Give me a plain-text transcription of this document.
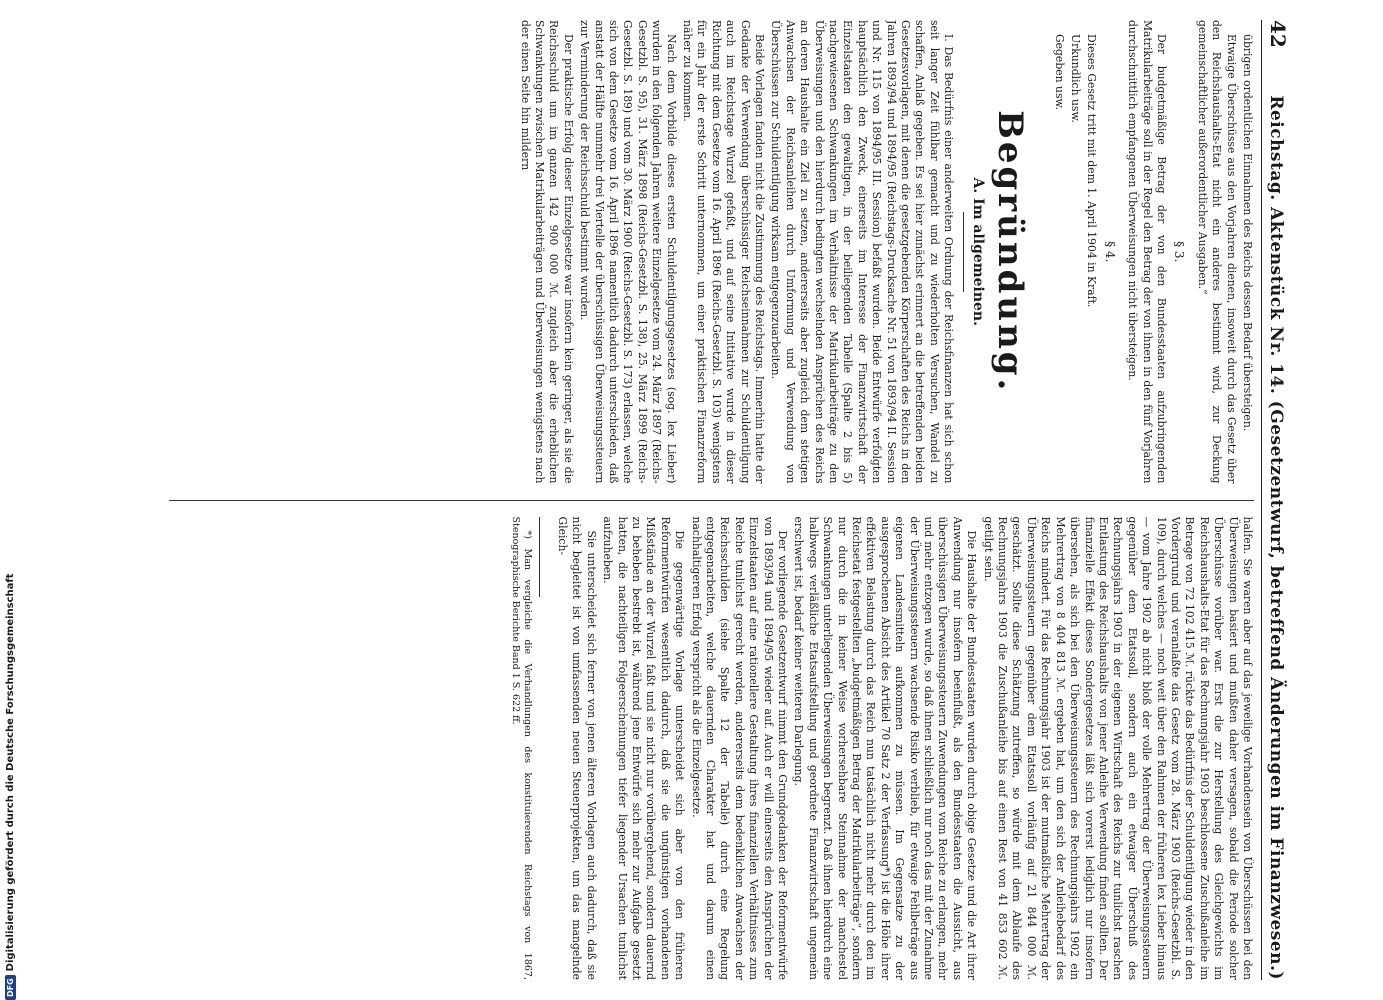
42
Reichstag. Aktenstück Nr. 14. (Gesetzentwurf, betreffend Änderungen im Finanzwesen.)

übrigen ordentlichen Einnahmen des Reichs dessen Bedarf übersteigen.

Etwaige Überschüsse aus den Vorjahren dienen, insoweit durch das Gesetz über den Reichshaushalts-Etat nicht ein anderes bestimmt wird, zur Deckung gemeinschaftlicher außerordentlicher Ausgaben.“

§ 3.

Der budgetmäßige Betrag der von den Bundesstaaten aufzubringenden Matrikularbeiträge soll in der Regel den Betrag der von ihnen in den fünf Vorjahren durchschnittlich empfangenen Überweisungen nicht übersteigen.

§ 4.

Dieses Gesetz tritt mit dem 1. April 1904 in Kraft.

Urkundlich usw.

Gegeben usw.

Begründung.
A. Im allgemeinen.

I. Das Bedürfnis einer anderweiten Ordnung der Reichsfinanzen hat sich schon seit langer Zeit fühlbar gemacht und zu wiederholten Versuchen, Wandel zu schaffen, Anlaß gegeben. Es sei hier zunächst erinnert an die betreffenden beiden Gesetzesvorlagen, mit denen die gesetzgebenden Körperschaften des Reichs in den Jahren 1893/94 und 1894/95 (Reichstags-Drucksache Nr. 51 von 1893/94 II. Session und Nr. 115 von 1894/95 III. Session) befaßt wurden. Beide Entwürfe verfolgten hauptsächlich den Zweck, einerseits im Interesse der Finanzwirtschaft der Einzelstaaten den gewaltigen, in der beiliegenden Tabelle (Spalte 2 bis 5) nachgewiesenen Schwankungen im Verhältnisse der Matrikularbeiträge zu den Überweisungen und den hierdurch bedingten wechselnden Ansprüchen des Reichs an deren Haushalte ein Ziel zu setzen, andererseits aber zugleich dem stetigen Anwachsen der Reichsanleihen durch Umformung und Verwendung von Überschüssen zur Schuldentilgung wirksam entgegenzuarbeiten.

Beide Vorlagen fanden nicht die Zustimmung des Reichstags. Immerhin hatte der Gedanke der Verwendung überschüssiger Reichseinnahmen zur Schuldentilgung auch im Reichstage Wurzel gefaßt, und auf seine Initiative wurde in dieser Richtung mit dem Gesetze vom 16. April 1896 (Reichs-Gesetzbl. S. 103) wenigstens für ein Jahr der erste Schritt unternommen, um einer praktischen Finanzreform näher zu kommen.

Nach dem Vorbilde dieses ersten Schuldentilgungsgesetzes (sog. lex Lieber) wurden in den folgenden Jahren weitere Einzelgesetze vom 24. März 1897 (Reichs-Gesetzbl. S. 95), 31. März 1898 (Reichs-Gesetzbl. S. 138), 25. März 1899 (Reichs-Gesetzbl. S. 189) und vom 30. März 1900 (Reichs-Gesetzbl. S. 173) erlassen, welche sich von dem Gesetze vom 16. April 1896 namentlich dadurch unterschieden, daß anstatt der Hälfte nunmehr drei Viertelle der überschüssigen Überweisungssteuern zur Verminderung der Reichsschuld bestimmt wurden.

Der praktische Erfolg dieser Einzelgesetze war insofern kein geringer, als sie die Reichsschuld um im ganzen 142 900 000 ℳ. zugleich aber die erheblichen Schwankungen zwischen Matrikularbeiträgen und Überweisungen wenigstens nach der einen Seite hin mildern

halfen. Sie waren aber auf das jeweilige Vorhandensein von Überschüssen bei den Überweisungen basiert und mußten daher versagen, sobald die Periode solcher Überschüsse vorüber war. Erst die zur Herstellung des Gleichgewichts im Reichshaushalts-Etat für das Rechnungsjahr 1903 beschlossene Zuschußanleihe im Betrage von 72 102 415 ℳ. rückte das Bedürfnis der Schuldentilgung wieder in den Vordergrund und veranlaßte das Gesetz vom 28. März 1903 (Reichs-Gesetzbl. S. 109), durch welches — noch weit über den Rahmen der früheren lex Lieber hinaus — vom Jahre 1902 ab nicht bloß der volle Mehrertrag der Überweisungssteuern gegenüber dem Etatssoll, sondern auch ein etwaiger Überschuß des Rechnungsjahrs 1903 in der eigenen Wirtschaft des Reichs zur tunlichst raschen Entlastung des Reichshaushalts von jener Anleihe Verwendung finden sollten. Der finanzielle Effekt dieses Sondergesetzes läßt sich vorerst lediglich nur insofern übersehen, als sich bei den Überweisungssteuern des Rechnungsjahrs 1902 ein Mehrertrag von 8 404 813 ℳ. ergeben hat, um den sich der Anleihebedarf des Reichs mindert. Für das Rechnungsjahr 1903 ist der mutmaßliche Mehrertrag der Überweisungssteuern gegenüber dem Etatssoll vorläufig auf 21 844 000 ℳ. geschätzt. Sollte diese Schätzung zutreffen, so würde mit dem Ablaufe des Rechnungsjahrs 1903 die Zuschußanleihe bis auf einen Rest von 41 853 602 ℳ. getilgt sein.

Die Haushalte der Bundesstaaten wurden durch obige Gesetze und die Art ihrer Anwendung nur insofern beeinflußt, als den Bundesstaaten die Aussicht, aus überschüssigen Überweisungssteuern Zuwendungen vom Reiche zu erlangen, mehr und mehr entzogen wurde, so daß ihnen schließlich nur noch das mit der Zunahme der Überweisungssteuern wachsende Risiko verblieb, für etwaige Fehlbeträge aus eigenen Landesmitteln aufkommen zu müssen. Im Gegensatze zu der ausgesprochenen Absicht des Artikel 70 Satz 2 der Verfassung*) ist die Höhe ihrer effektiven Belastung durch das Reich nun tatsächlich nicht mehr durch den im Reichsetat festgestellten „budgetmäßigen Betrag der Matrikularbeiträge“, sondern nur durch die in keiner Weise vorhersehbare Steinnahme der manchestel Schwankungen unterliegenden Überweisungen begrenzt. Daß ihnen hierdurch eine halbwegs verläßliche Etatsaufstellung und geordnete Finanzwirtschaft ungemein erschwert ist, bedarf keiner weiteren Darlegung.

Der vorliegende Gesetzentwurf nimmt den Grundgedanken der Reformentwürfe von 1893/94 und 1894/95 wieder auf. Auch er will einerseits den Ansprüchen der Einzelstaaten auf eine rationellere Gestaltung ihres finanziellen Verhältnisses zum Reiche tunlichst gerecht werden, andererseits dem bedenklichen Anwachsen der Reichsschulden (siehe Spalte 12 der Tabelle) durch eine Regelung entgegenarbeiten, welche dauernden Charakter hat und darum einen nachhaltigeren Erfolg verspricht als die Einzelgesetze.

Die gegenwärtige Vorlage unterscheidet sich aber von den früheren Reformentwürfen wesentlich dadurch, daß sie die ungünstigen vorhandenen Mißstände an der Wurzel faßt und sie nicht nur vorübergehend, sondern dauernd zu beheben bestrebt ist, während jene Entwürfe sich mehr zur Aufgabe gesetzt hatten, die nachteiligen Folgeerscheinungen tiefer liegender Ursachen tunlichst aufzuheben.

Sie unterscheidet sich ferner von jenen älteren Vorlagen auch dadurch, daß sie nicht begleitet ist von umfassenden neuen Steuerprojekten, um das mangelnde Gleich-

*) Man vergleiche die Verhandlungen des konstituierenden Reichstags von 1867, Stenographische Berichte Band 1 S. 622 ff.

DFG
Digitalisierung gefördert durch die Deutsche Forschungsgemeinschaft
